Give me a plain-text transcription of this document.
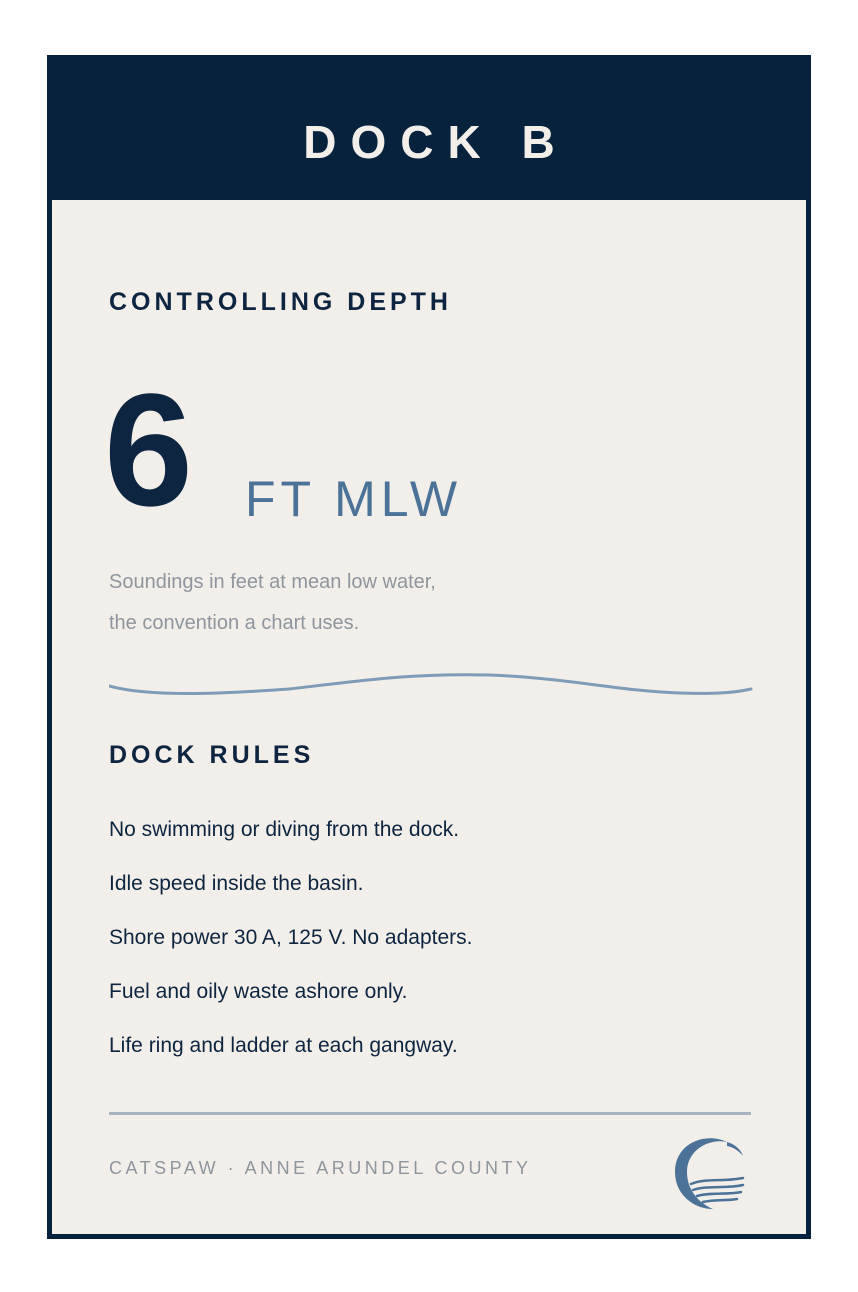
DOCK B
CONTROLLING DEPTH
6 FT MLW
Soundings in feet at mean low water,
the convention a chart uses.
DOCK RULES
No swimming or diving from the dock.
Idle speed inside the basin.
Shore power 30 A, 125 V. No adapters.
Fuel and oily waste ashore only.
Life ring and ladder at each gangway.
CATSPAW · ANNE ARUNDEL COUNTY
